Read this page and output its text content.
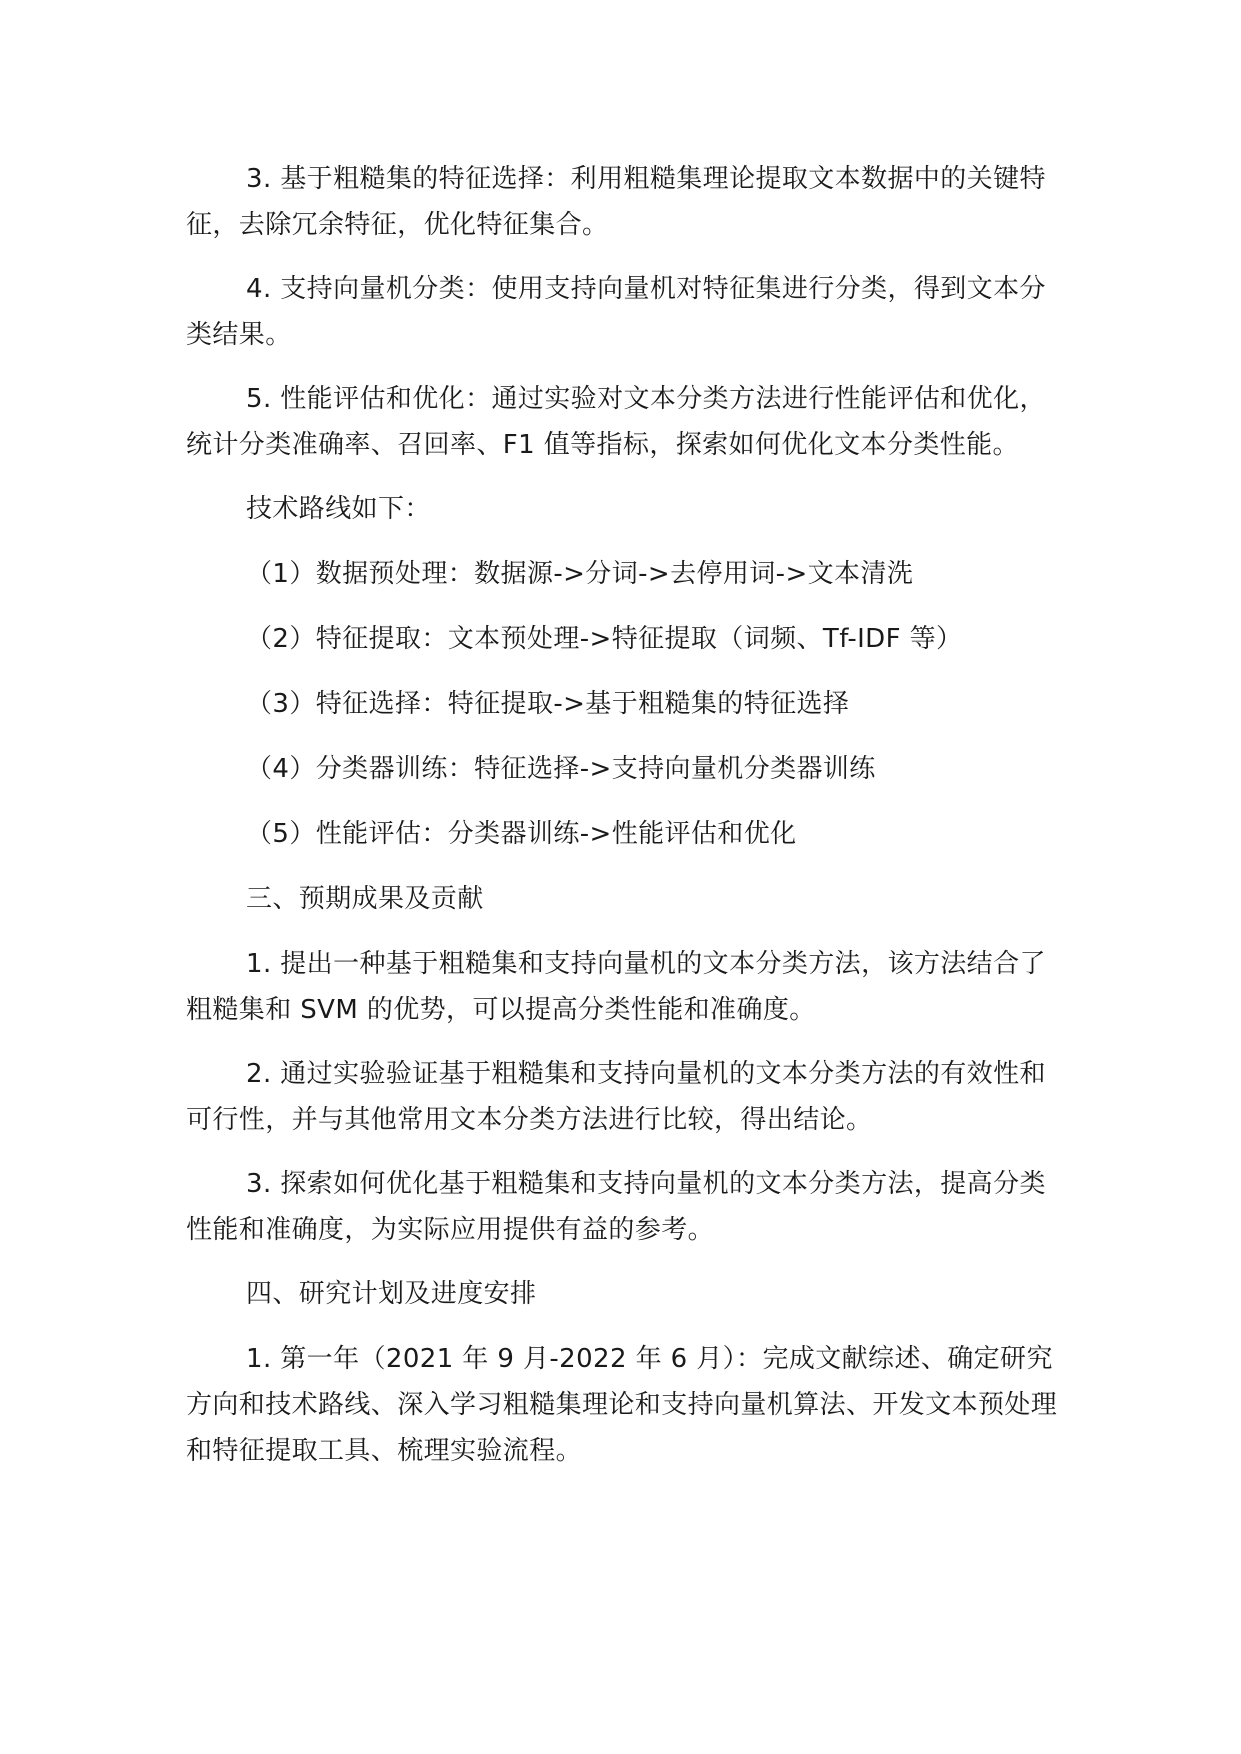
3. 基于粗糙集的特征选择：利用粗糙集理论提取文本数据中的关键特征，去除冗余特征，优化特征集合。

4. 支持向量机分类：使用支持向量机对特征集进行分类，得到文本分类结果。

5. 性能评估和优化：通过实验对文本分类方法进行性能评估和优化，统计分类准确率、召回率、F1 值等指标，探索如何优化文本分类性能。

技术路线如下：

（1）数据预处理：数据源->分词->去停用词->文本清洗

（2）特征提取：文本预处理->特征提取（词频、Tf-IDF 等）

（3）特征选择：特征提取->基于粗糙集的特征选择

（4）分类器训练：特征选择->支持向量机分类器训练

（5）性能评估：分类器训练->性能评估和优化

三、预期成果及贡献

1. 提出一种基于粗糙集和支持向量机的文本分类方法，该方法结合了粗糙集和 SVM 的优势，可以提高分类性能和准确度。

2. 通过实验验证基于粗糙集和支持向量机的文本分类方法的有效性和可行性，并与其他常用文本分类方法进行比较，得出结论。

3. 探索如何优化基于粗糙集和支持向量机的文本分类方法，提高分类性能和准确度，为实际应用提供有益的参考。

四、研究计划及进度安排

1. 第一年（2021 年 9 月-2022 年 6 月）：完成文献综述、确定研究方向和技术路线、深入学习粗糙集理论和支持向量机算法、开发文本预处理和特征提取工具、梳理实验流程。
